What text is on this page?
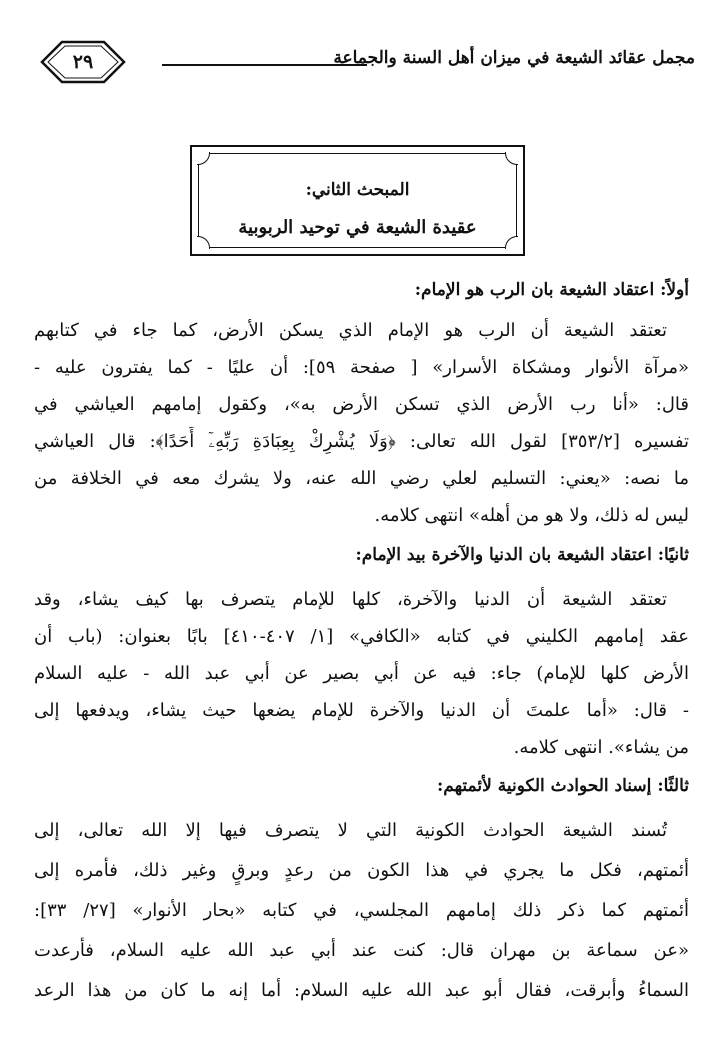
مجمل عقائد الشيعة في ميزان أهل السنة والجماعة
٢٩
المبحث الثاني:
عقيدة الشيعة في توحيد الربوبية
أولاً: اعتقاد الشيعة بان الرب هو الإمام:
تعتقد الشيعة أن الرب هو الإمام الذي يسكن الأرض، كما جاء في كتابهم
«مرآة الأنوار ومشكاة الأسرار» [ صفحة ٥٩]: أن عليًا - كما يفترون عليه -
قال: «أنا رب الأرض الذي تسكن الأرض به»، وكقول إمامهم العياشي في
تفسيره [٣٥٣/٢] لقول الله تعالى: ﴿وَلَا يُشْرِكْ بِعِبَادَةِ رَبِّهِۦٓ أَحَدًا﴾: قال العياشي
ما نصه: «يعني: التسليم لعلي رضي الله عنه، ولا يشرك معه في الخلافة من
ليس له ذلك، ولا هو من أهله» انتهى كلامه.
ثانيًا: اعتقاد الشيعة بان الدنيا والآخرة بيد الإمام:
تعتقد الشيعة أن الدنيا والآخرة، كلها للإمام يتصرف بها كيف يشاء، وقد
عقد إمامهم الكليني في كتابه «الكافي» [١/ ٤٠٧-٤١٠] بابًا بعنوان: (باب أن
الأرض كلها للإمام) جاء: فيه عن أبي بصير عن أبي عبد الله - عليه السلام
- قال: «أما علمتَ أن الدنيا والآخرة للإمام يضعها حيث يشاء، ويدفعها إلى
من يشاء». انتهى كلامه.
ثالثًا: إسناد الحوادث الكونية لأئمتهم:
تُسند الشيعة الحوادث الكونية التي لا يتصرف فيها إلا الله تعالى، إلى
أئمتهم، فكل ما يجري في هذا الكون من رعدٍ وبرقٍ وغير ذلك، فأمره إلى
أئمتهم كما ذكر ذلك إمامهم المجلسي، في كتابه «بحار الأنوار» [٢٧/ ٣٣]:
«عن سماعة بن مهران قال: كنت عند أبي عبد الله عليه السلام، فأرعدت
السماءُ وأبرقت، فقال أبو عبد الله عليه السلام: أما إنه ما كان من هذا الرعد
